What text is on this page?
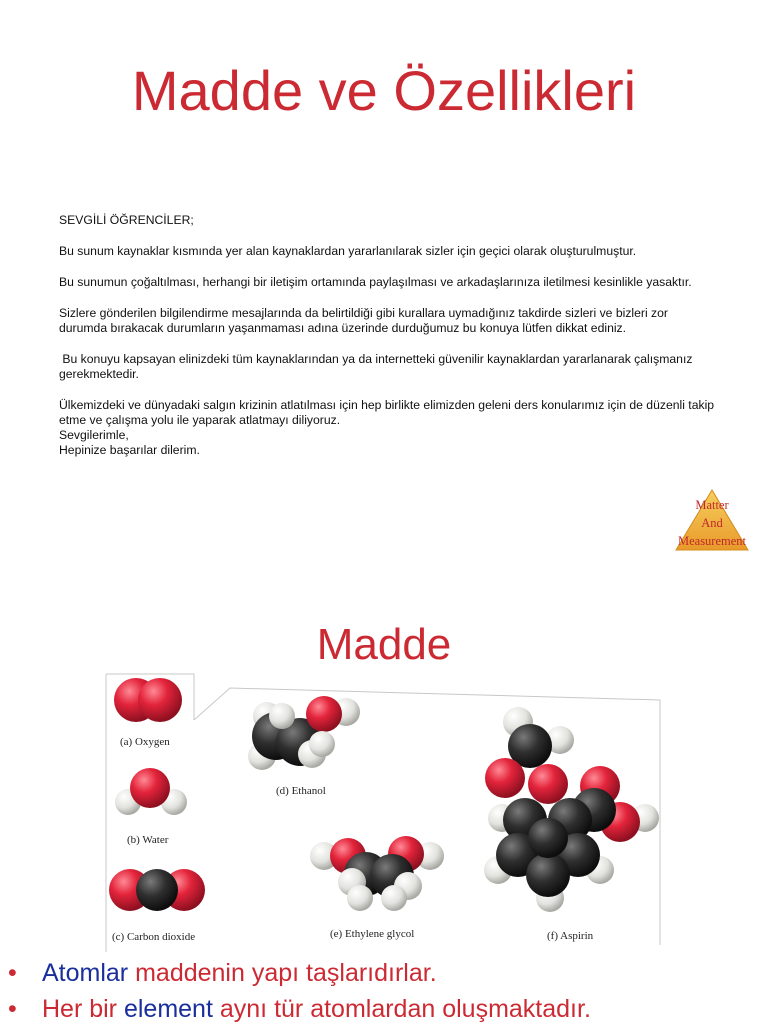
Madde ve Özellikleri

SEVGİLİ ÖĞRENCİLER;

Bu sunum kaynaklar kısmında yer alan kaynaklardan yararlanılarak sizler için geçici olarak oluşturulmuştur.

Bu sunumun çoğaltılması, herhangi bir iletişim ortamında paylaşılması ve arkadaşlarınıza iletilmesi kesinlikle yasaktır.

Sizlere gönderilen bilgilendirme mesajlarında da belirtildiği gibi kurallara uymadığınız takdirde sizleri ve bizleri zor durumda bırakacak durumların yaşanmaması adına üzerinde durduğumuz bu konuya lütfen dikkat ediniz.

Bu konuyu kapsayan elinizdeki tüm kaynaklarından ya da internetteki güvenilir kaynaklardan yararlanarak çalışmanız gerekmektedir.

Ülkemizdeki ve dünyadaki salgın krizinin atlatılması için hep birlikte elimizden geleni ders konularımız için de düzenli takip etme ve çalışma yolu ile yaparak atlatmayı diliyoruz.

Sevgilerimle,

Hepinize başarılar dilerim.

Matter
And
Measurement
Madde
(a) Oxygen
(b) Water
(c) Carbon dioxide
(d) Ethanol
(e) Ethylene glycol	(f) Aspirin
• Atomlar maddenin yapı taşlarıdırlar.
• Her bir element aynı tür atomlardan oluşmaktadır.
